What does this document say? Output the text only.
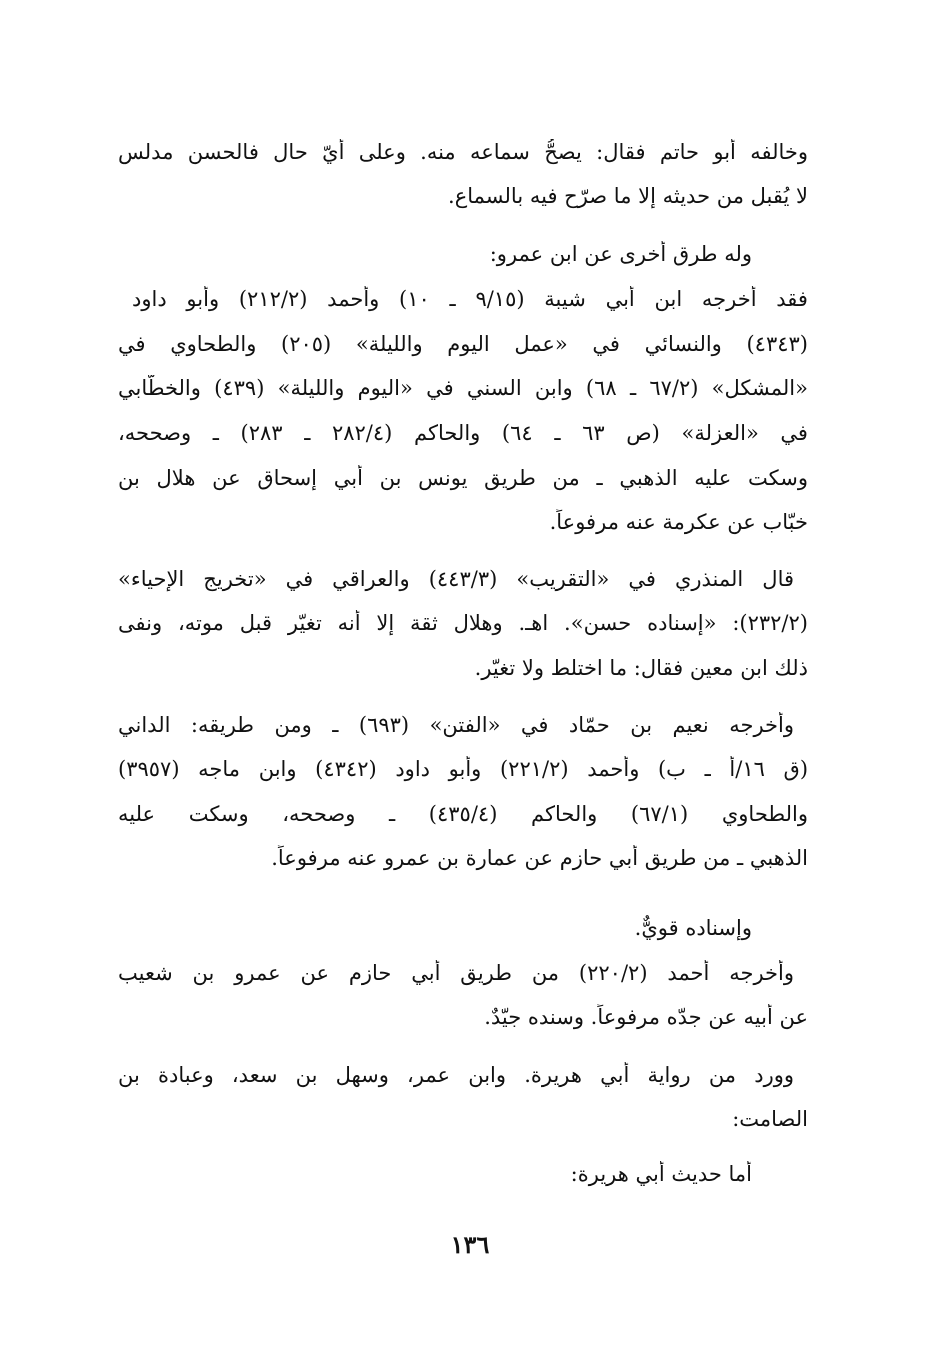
وخالفه أبو حاتم فقال: يصحُّ سماعه منه. وعلى أيّ حال فالحسن مدلس
لا يُقبل من حديثه إلا ما صرّح فيه بالسماع.
وله طرق أخرى عن ابن عمرو:
فقد أخرجه ابن أبي شيبة (٩/١٥ ـ ١٠) وأحمد (٢١٢/٢) وأبو داود
(٤٣٤٣) والنسائي في «عمل اليوم والليلة» (٢٠٥) والطحاوي في
«المشكل» (٦٧/٢ ـ ٦٨) وابن السني في «اليوم والليلة» (٤٣٩) والخطّابي
في «العزلة» (ص ٦٣ ـ ٦٤) والحاكم (٢٨٢/٤ ـ ٢٨٣) ـ وصححه،
وسكت عليه الذهبي ـ من طريق يونس بن أبي إسحاق عن هلال بن
خبّاب عن عكرمة عنه مرفوعاً.
قال المنذري في «التقريب» (٤٤٣/٣) والعراقي في «تخريج الإحياء»
(٢٣٢/٢): «إسناده حسن». اهـ. وهلال ثقة إلا أنه تغيّر قبل موته، ونفى
ذلك ابن معين فقال: ما اختلط ولا تغيّر.
وأخرجه نعيم بن حمّاد في «الفتن» (٦٩٣) ـ ومن طريقه: الداني
(ق ١٦/أ ـ ب) وأحمد (٢٢١/٢) وأبو داود (٤٣٤٢) وابن ماجه (٣٩٥٧)
والطحاوي (٦٧/١) والحاكم (٤٣٥/٤) ـ وصححه، وسكت عليه
الذهبي ـ من طريق أبي حازم عن عمارة بن عمرو عنه مرفوعاً.
وإسناده قويٌّ.
وأخرجه أحمد (٢٢٠/٢) من طريق أبي حازم عن عمرو بن شعيب
عن أبيه عن جدّه مرفوعاً. وسنده جيّدٌ.
وورد من رواية أبي هريرة. وابن عمر، وسهل بن سعد، وعبادة بن
الصامت:
أما حديث أبي هريرة:
١٣٦
